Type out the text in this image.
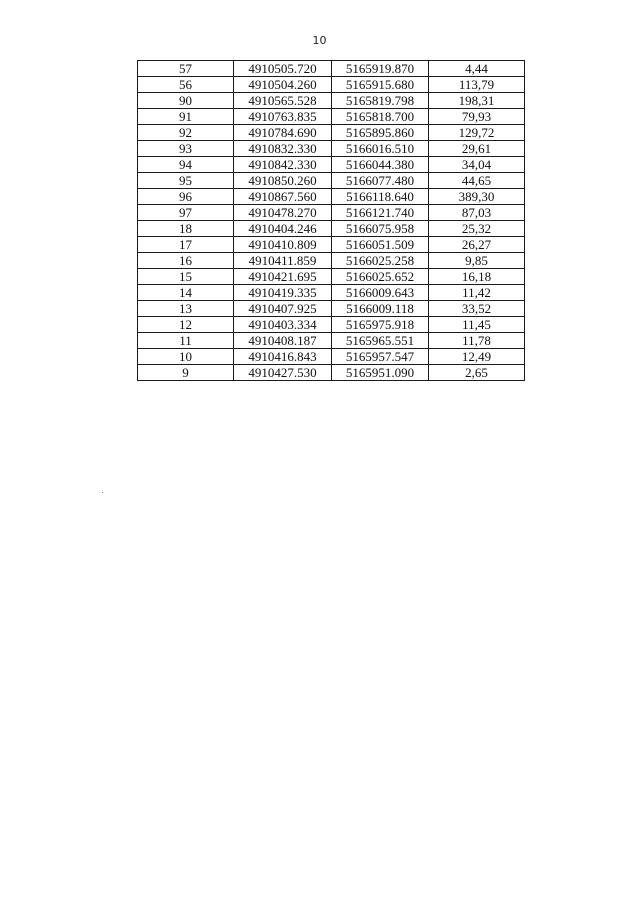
10
57	4910505.720	5165919.870	4,44
56	4910504.260	5165915.680	113,79
90	4910565.528	5165819.798	198,31
91	4910763.835	5165818.700	79,93
92	4910784.690	5165895.860	129,72
93	4910832.330	5166016.510	29,61
94	4910842.330	5166044.380	34,04
95	4910850.260	5166077.480	44,65
96	4910867.560	5166118.640	389,30
97	4910478.270	5166121.740	87,03
18	4910404.246	5166075.958	25,32
17	4910410.809	5166051.509	26,27
16	4910411.859	5166025.258	9,85
15	4910421.695	5166025.652	16,18
14	4910419.335	5166009.643	11,42
13	4910407.925	5166009.118	33,52
12	4910403.334	5165975.918	11,45
11	4910408.187	5165965.551	11,78
10	4910416.843	5165957.547	12,49
9	4910427.530	5165951.090	2,65
